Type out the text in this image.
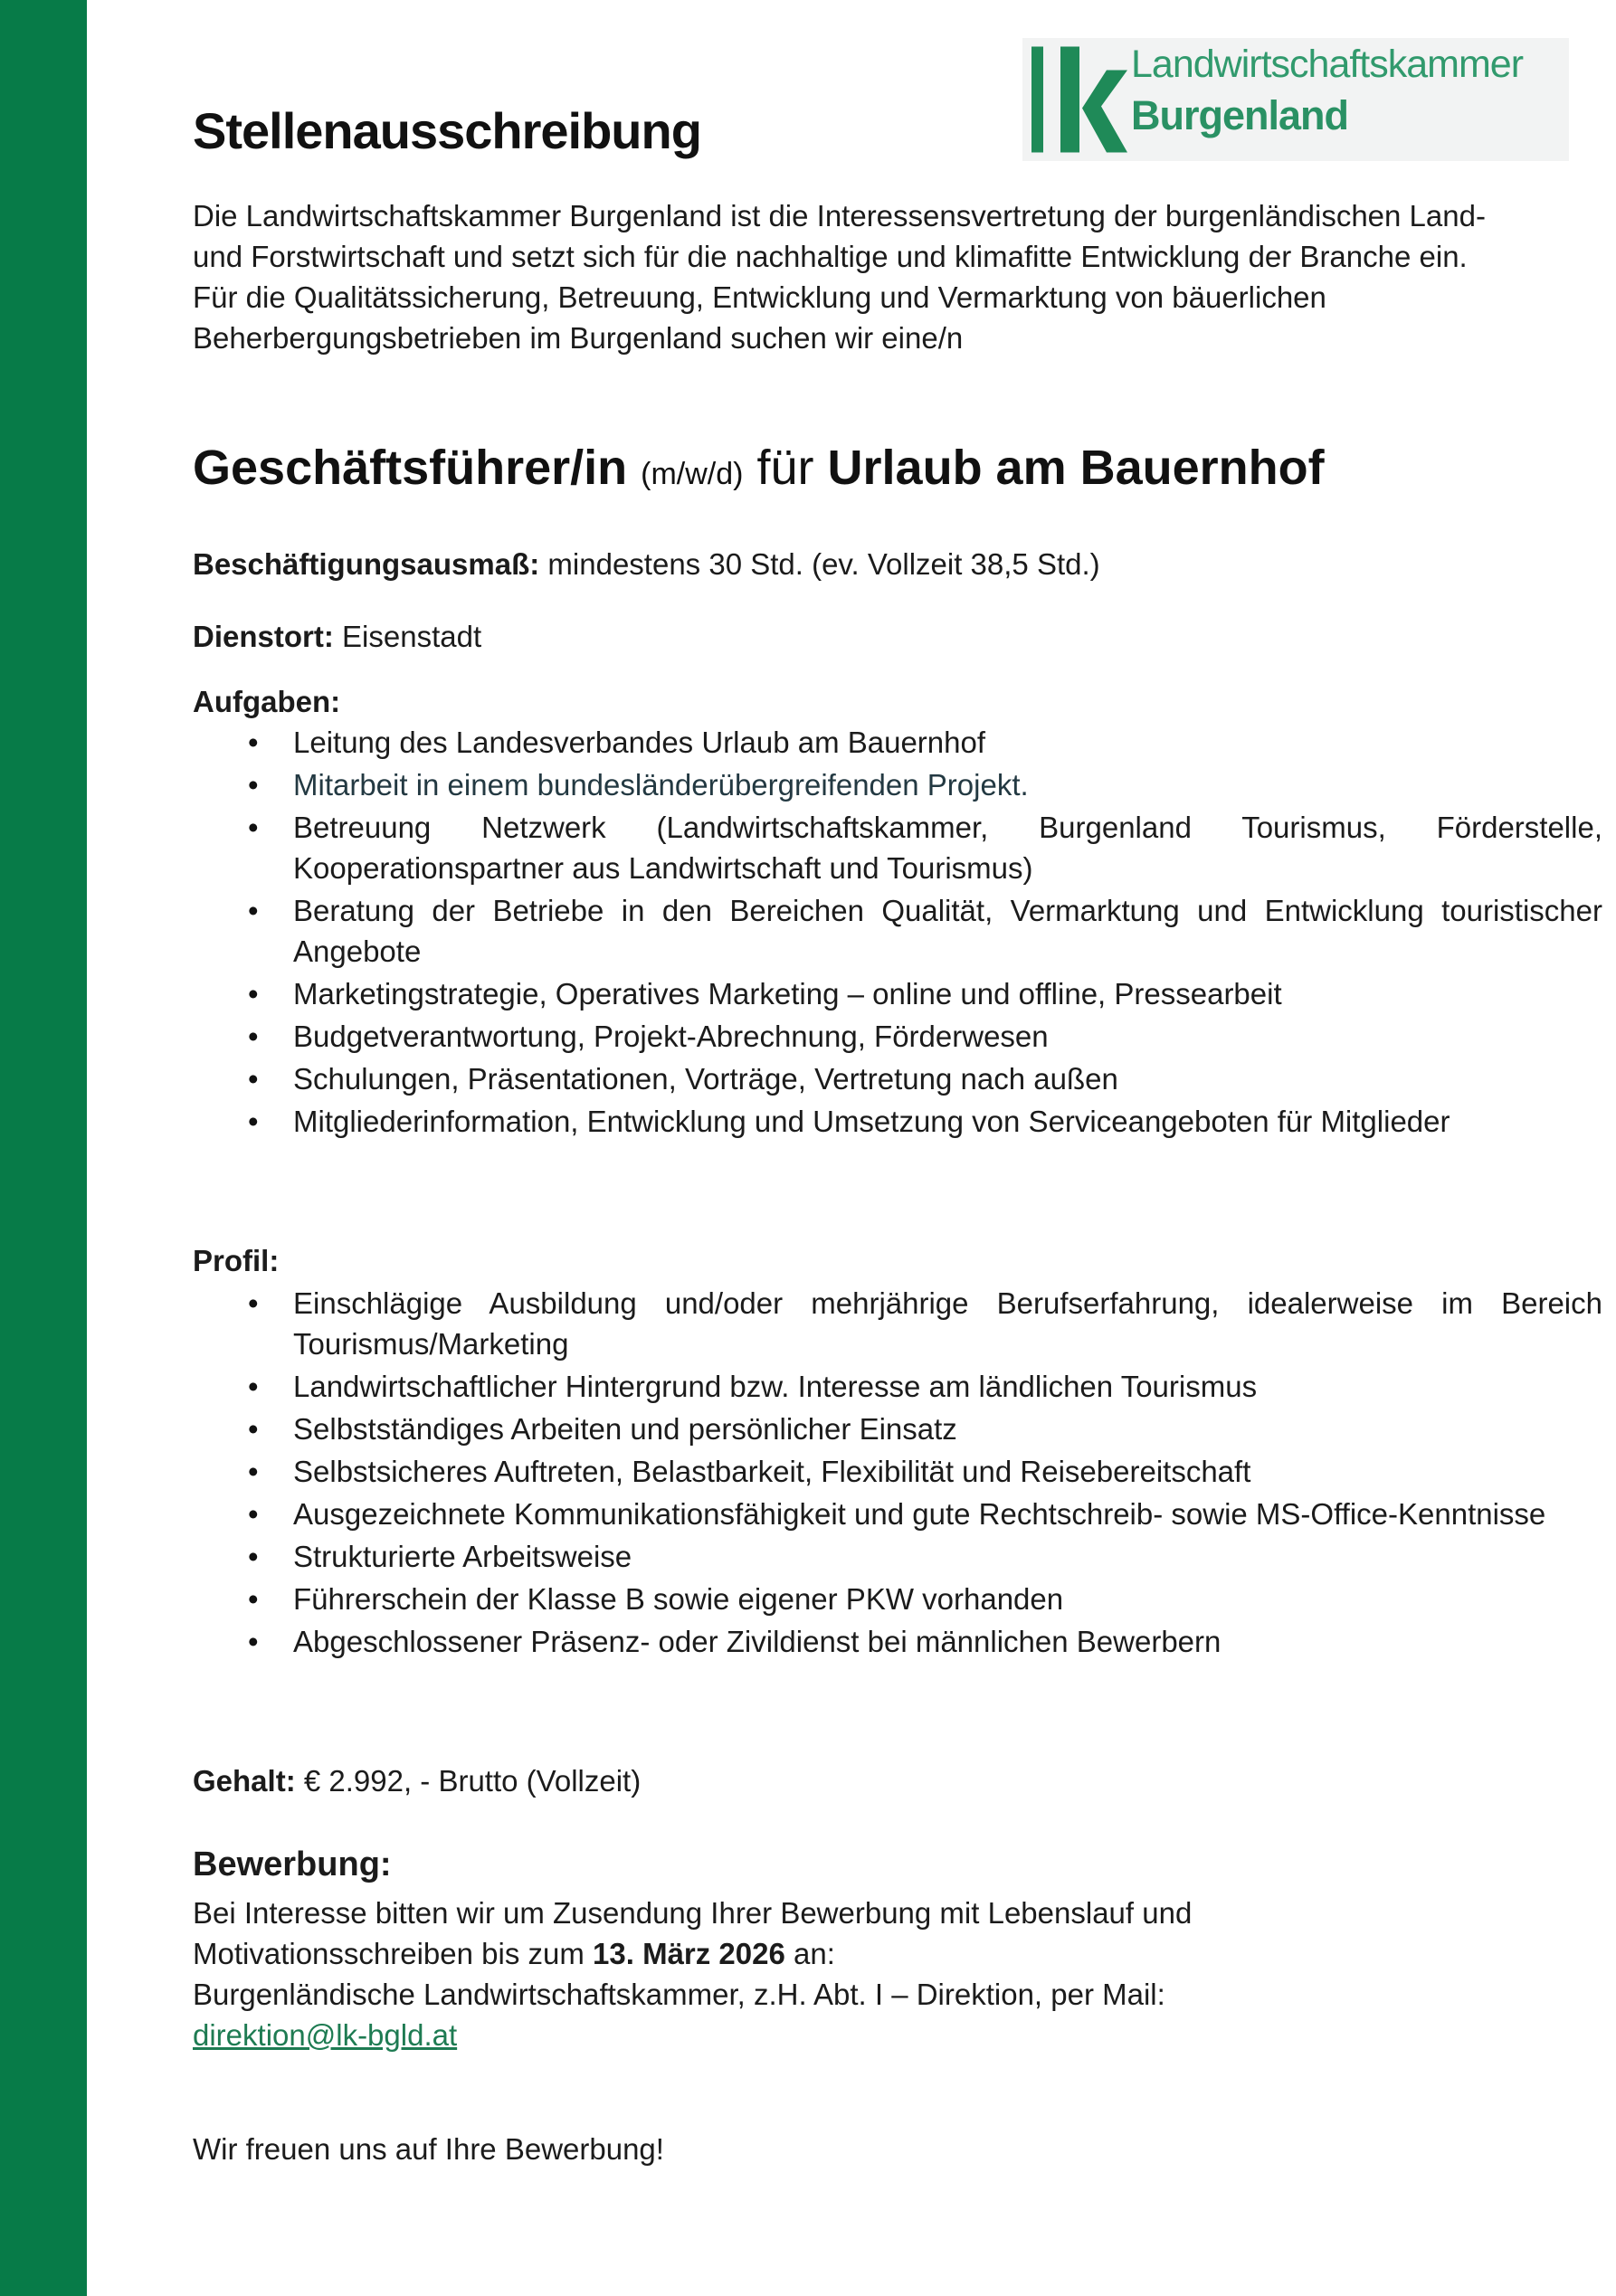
Landwirtschaftskammer
Burgenland
Stellenausschreibung

Die Landwirtschaftskammer Burgenland ist die Interessensvertretung der burgenländischen Land- und Forstwirtschaft und setzt sich für die nachhaltige und klimafitte Entwicklung der Branche ein. Für die Qualitätssicherung, Betreuung, Entwicklung und Vermarktung von bäuerlichen Beherbergungsbetrieben im Burgenland suchen wir eine/n

Geschäftsführer/in (m/w/d) für Urlaub am Bauernhof
Beschäftigungsausmaß: mindestens 30 Std. (ev. Vollzeit 38,5 Std.)
Dienstort: Eisenstadt
Aufgaben:
• Leitung des Landesverbandes Urlaub am Bauernhof
• Mitarbeit in einem bundesländerübergreifenden Projekt.
• Betreuung Netzwerk (Landwirtschaftskammer, Burgenland Tourismus, Förderstelle, Kooperationspartner aus Landwirtschaft und Tourismus)
• Beratung der Betriebe in den Bereichen Qualität, Vermarktung und Entwicklung touristischer Angebote
• Marketingstrategie, Operatives Marketing – online und offline, Pressearbeit
• Budgetverantwortung, Projekt-Abrechnung, Förderwesen
• Schulungen, Präsentationen, Vorträge, Vertretung nach außen
• Mitgliederinformation, Entwicklung und Umsetzung von Serviceangeboten für Mitglieder
Profil:
• Einschlägige Ausbildung und/oder mehrjährige Berufserfahrung, idealerweise im Bereich Tourismus/Marketing
• Landwirtschaftlicher Hintergrund bzw. Interesse am ländlichen Tourismus
• Selbstständiges Arbeiten und persönlicher Einsatz
• Selbstsicheres Auftreten, Belastbarkeit, Flexibilität und Reisebereitschaft
• Ausgezeichnete Kommunikationsfähigkeit und gute Rechtschreib- sowie MS-Office-Kenntnisse
• Strukturierte Arbeitsweise
• Führerschein der Klasse B sowie eigener PKW vorhanden
• Abgeschlossener Präsenz- oder Zivildienst bei männlichen Bewerbern
Gehalt: € 2.992, - Brutto (Vollzeit)
Bewerbung:
Bei Interesse bitten wir um Zusendung Ihrer Bewerbung mit Lebenslauf und
Motivationsschreiben bis zum 13. März 2026 an:
Burgenländische Landwirtschaftskammer, z.H. Abt. I – Direktion, per Mail:
direktion@lk-bgld.at
Wir freuen uns auf Ihre Bewerbung!
